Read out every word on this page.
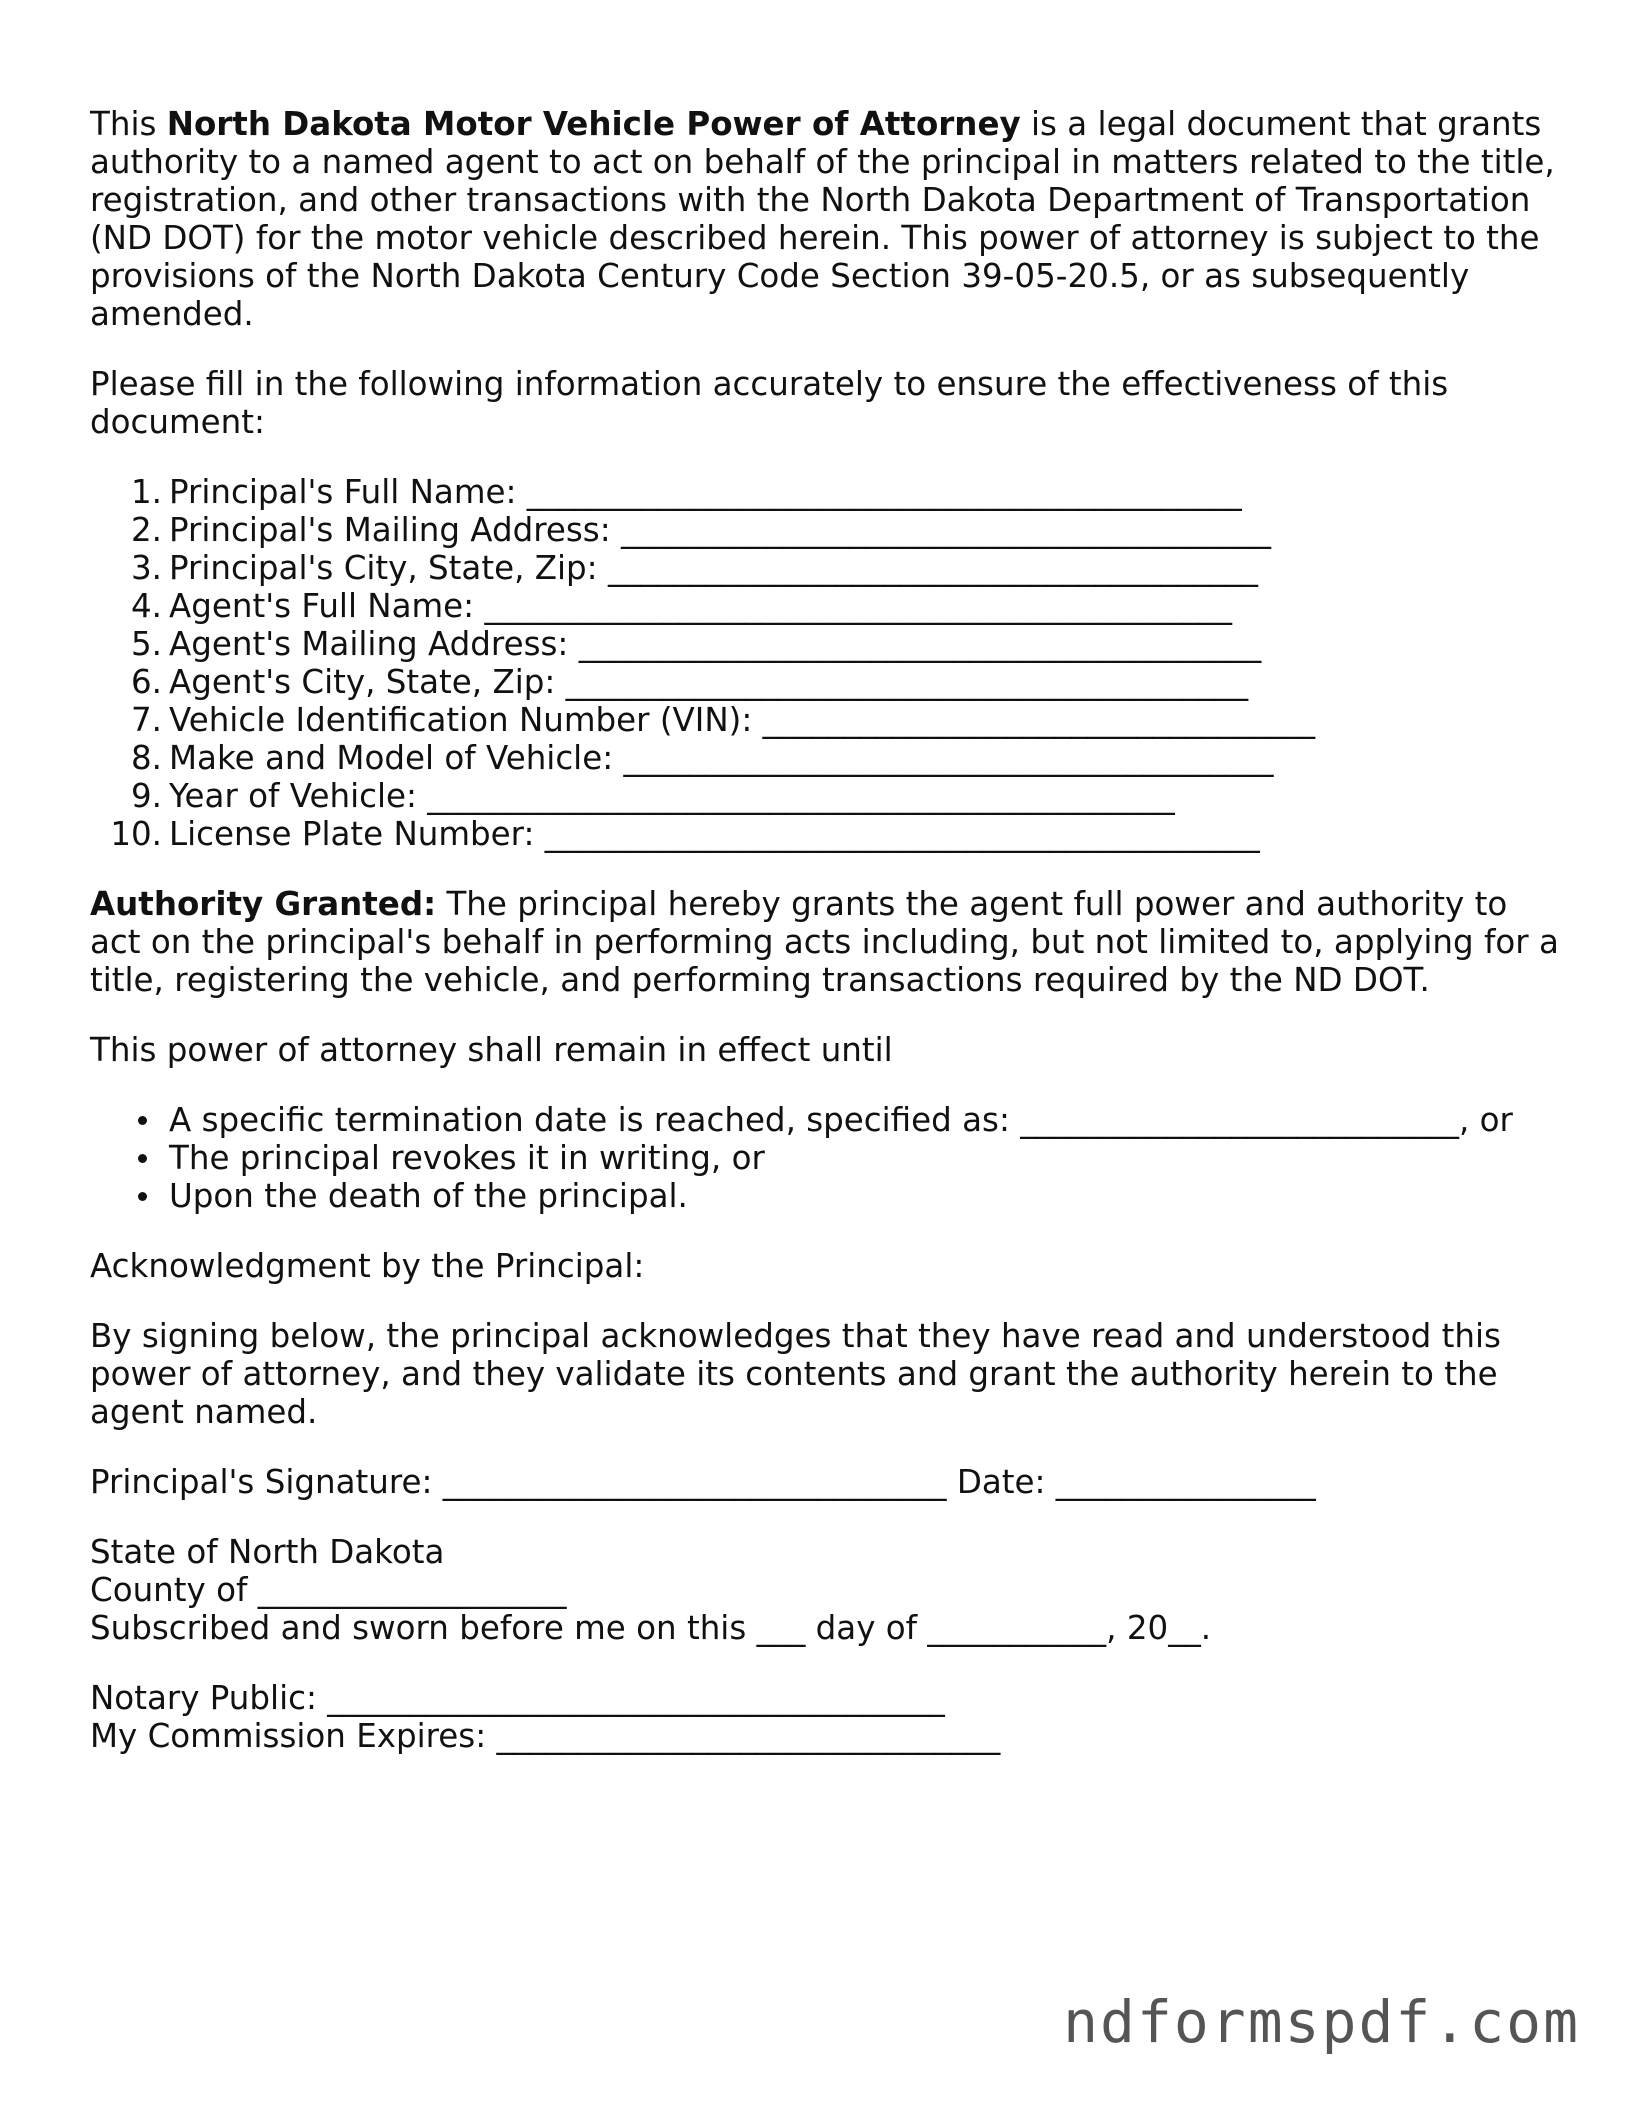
This North Dakota Motor Vehicle Power of Attorney is a legal document that grants authority to a named agent to act on behalf of the principal in matters related to the title, registration, and other transactions with the North Dakota Department of Transportation (ND DOT) for the motor vehicle described herein. This power of attorney is subject to the provisions of the North Dakota Century Code Section 39-05-20.5, or as subsequently amended.

Please fill in the following information accurately to ensure the effectiveness of this document:

1. Principal's Full Name: ____________________________________________
2. Principal's Mailing Address: ________________________________________
3. Principal's City, State, Zip: ________________________________________
4. Agent's Full Name: ______________________________________________
5. Agent's Mailing Address: __________________________________________
6. Agent's City, State, Zip: __________________________________________
7. Vehicle Identification Number (VIN): __________________________________
8. Make and Model of Vehicle: ________________________________________
9. Year of Vehicle: ______________________________________________
10. License Plate Number: ____________________________________________

Authority Granted: The principal hereby grants the agent full power and authority to act on the principal's behalf in performing acts including, but not limited to, applying for a title, registering the vehicle, and performing transactions required by the ND DOT.

This power of attorney shall remain in effect until

A specific termination date is reached, specified as: ___________________________, or
The principal revokes it in writing, or
Upon the death of the principal.

Acknowledgment by the Principal:

By signing below, the principal acknowledges that they have read and understood this power of attorney, and they validate its contents and grant the authority herein to the agent named.

Principal's Signature: _______________________________ Date: ________________

State of North Dakota
County of ___________________
Subscribed and sworn before me on this ___ day of ___________, 20__.

Notary Public: ______________________________________
My Commission Expires: _______________________________

ndformspdf.com
